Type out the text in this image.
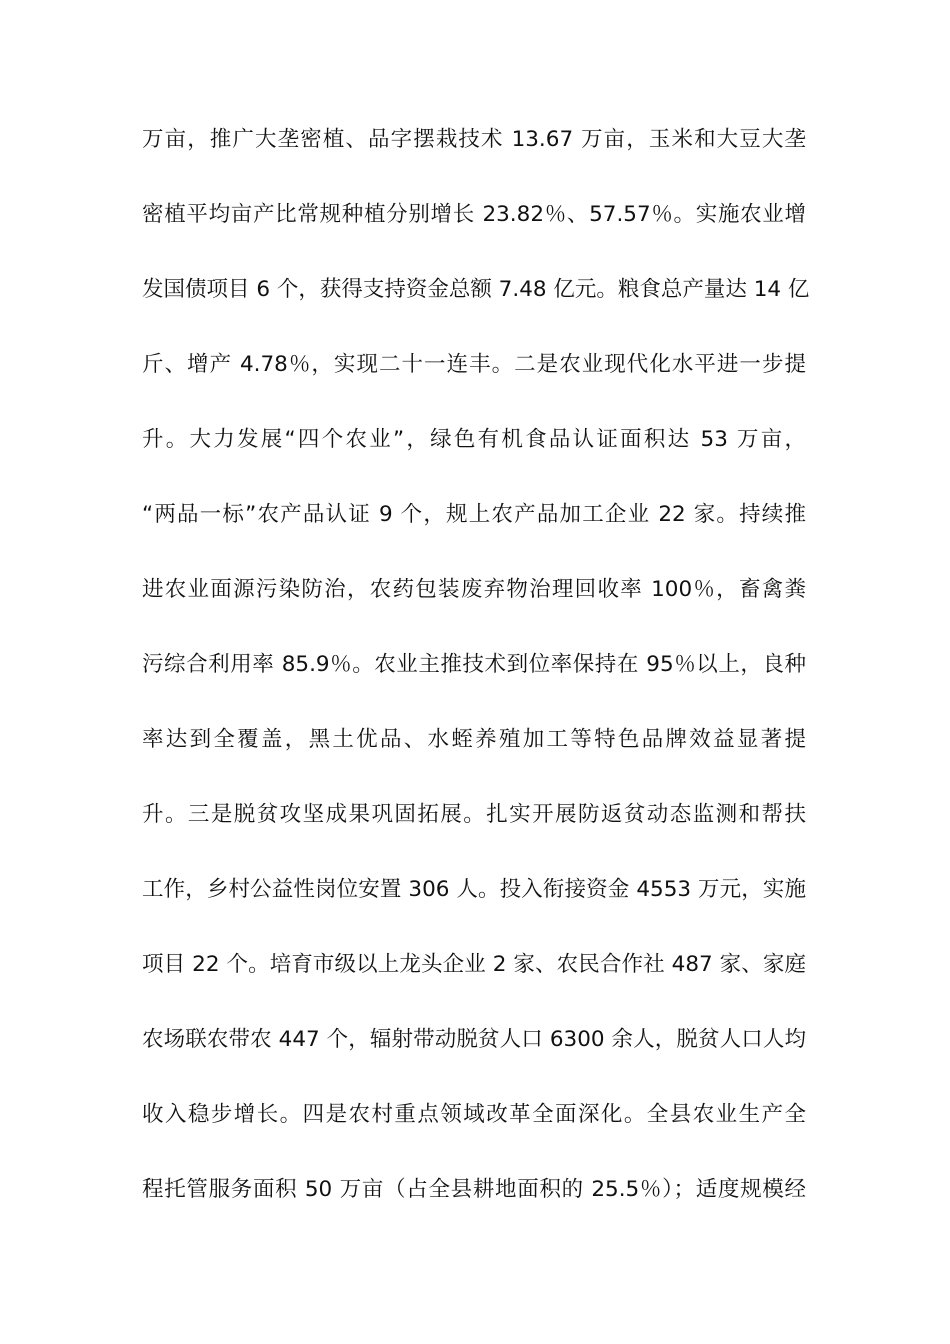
万亩，推广大垄密植、品字摆栽技术 13.67 万亩，玉米和大豆大垄
密植平均亩产比常规种植分别增长 23.82％、57.57％。实施农业增
发国债项目 6 个，获得支持资金总额 7.48 亿元。粮食总产量达 14 亿
斤、增产 4.78％，实现二十一连丰。二是农业现代化水平进一步提
升。大力发展“四个农业”，绿色有机食品认证面积达 53 万亩，
“两品一标”农产品认证 9 个，规上农产品加工企业 22 家。持续推
进农业面源污染防治，农药包装废弃物治理回收率 100％，畜禽粪
污综合利用率 85.9％。农业主推技术到位率保持在 95％以上，良种
率达到全覆盖，黑土优品、水蛭养殖加工等特色品牌效益显著提
升。三是脱贫攻坚成果巩固拓展。扎实开展防返贫动态监测和帮扶
工作，乡村公益性岗位安置 306 人。投入衔接资金 4553 万元，实施
项目 22 个。培育市级以上龙头企业 2 家、农民合作社 487 家、家庭
农场联农带农 447 个，辐射带动脱贫人口 6300 余人，脱贫人口人均
收入稳步增长。四是农村重点领域改革全面深化。全县农业生产全
程托管服务面积 50 万亩（占全县耕地面积的 25.5％）；适度规模经
